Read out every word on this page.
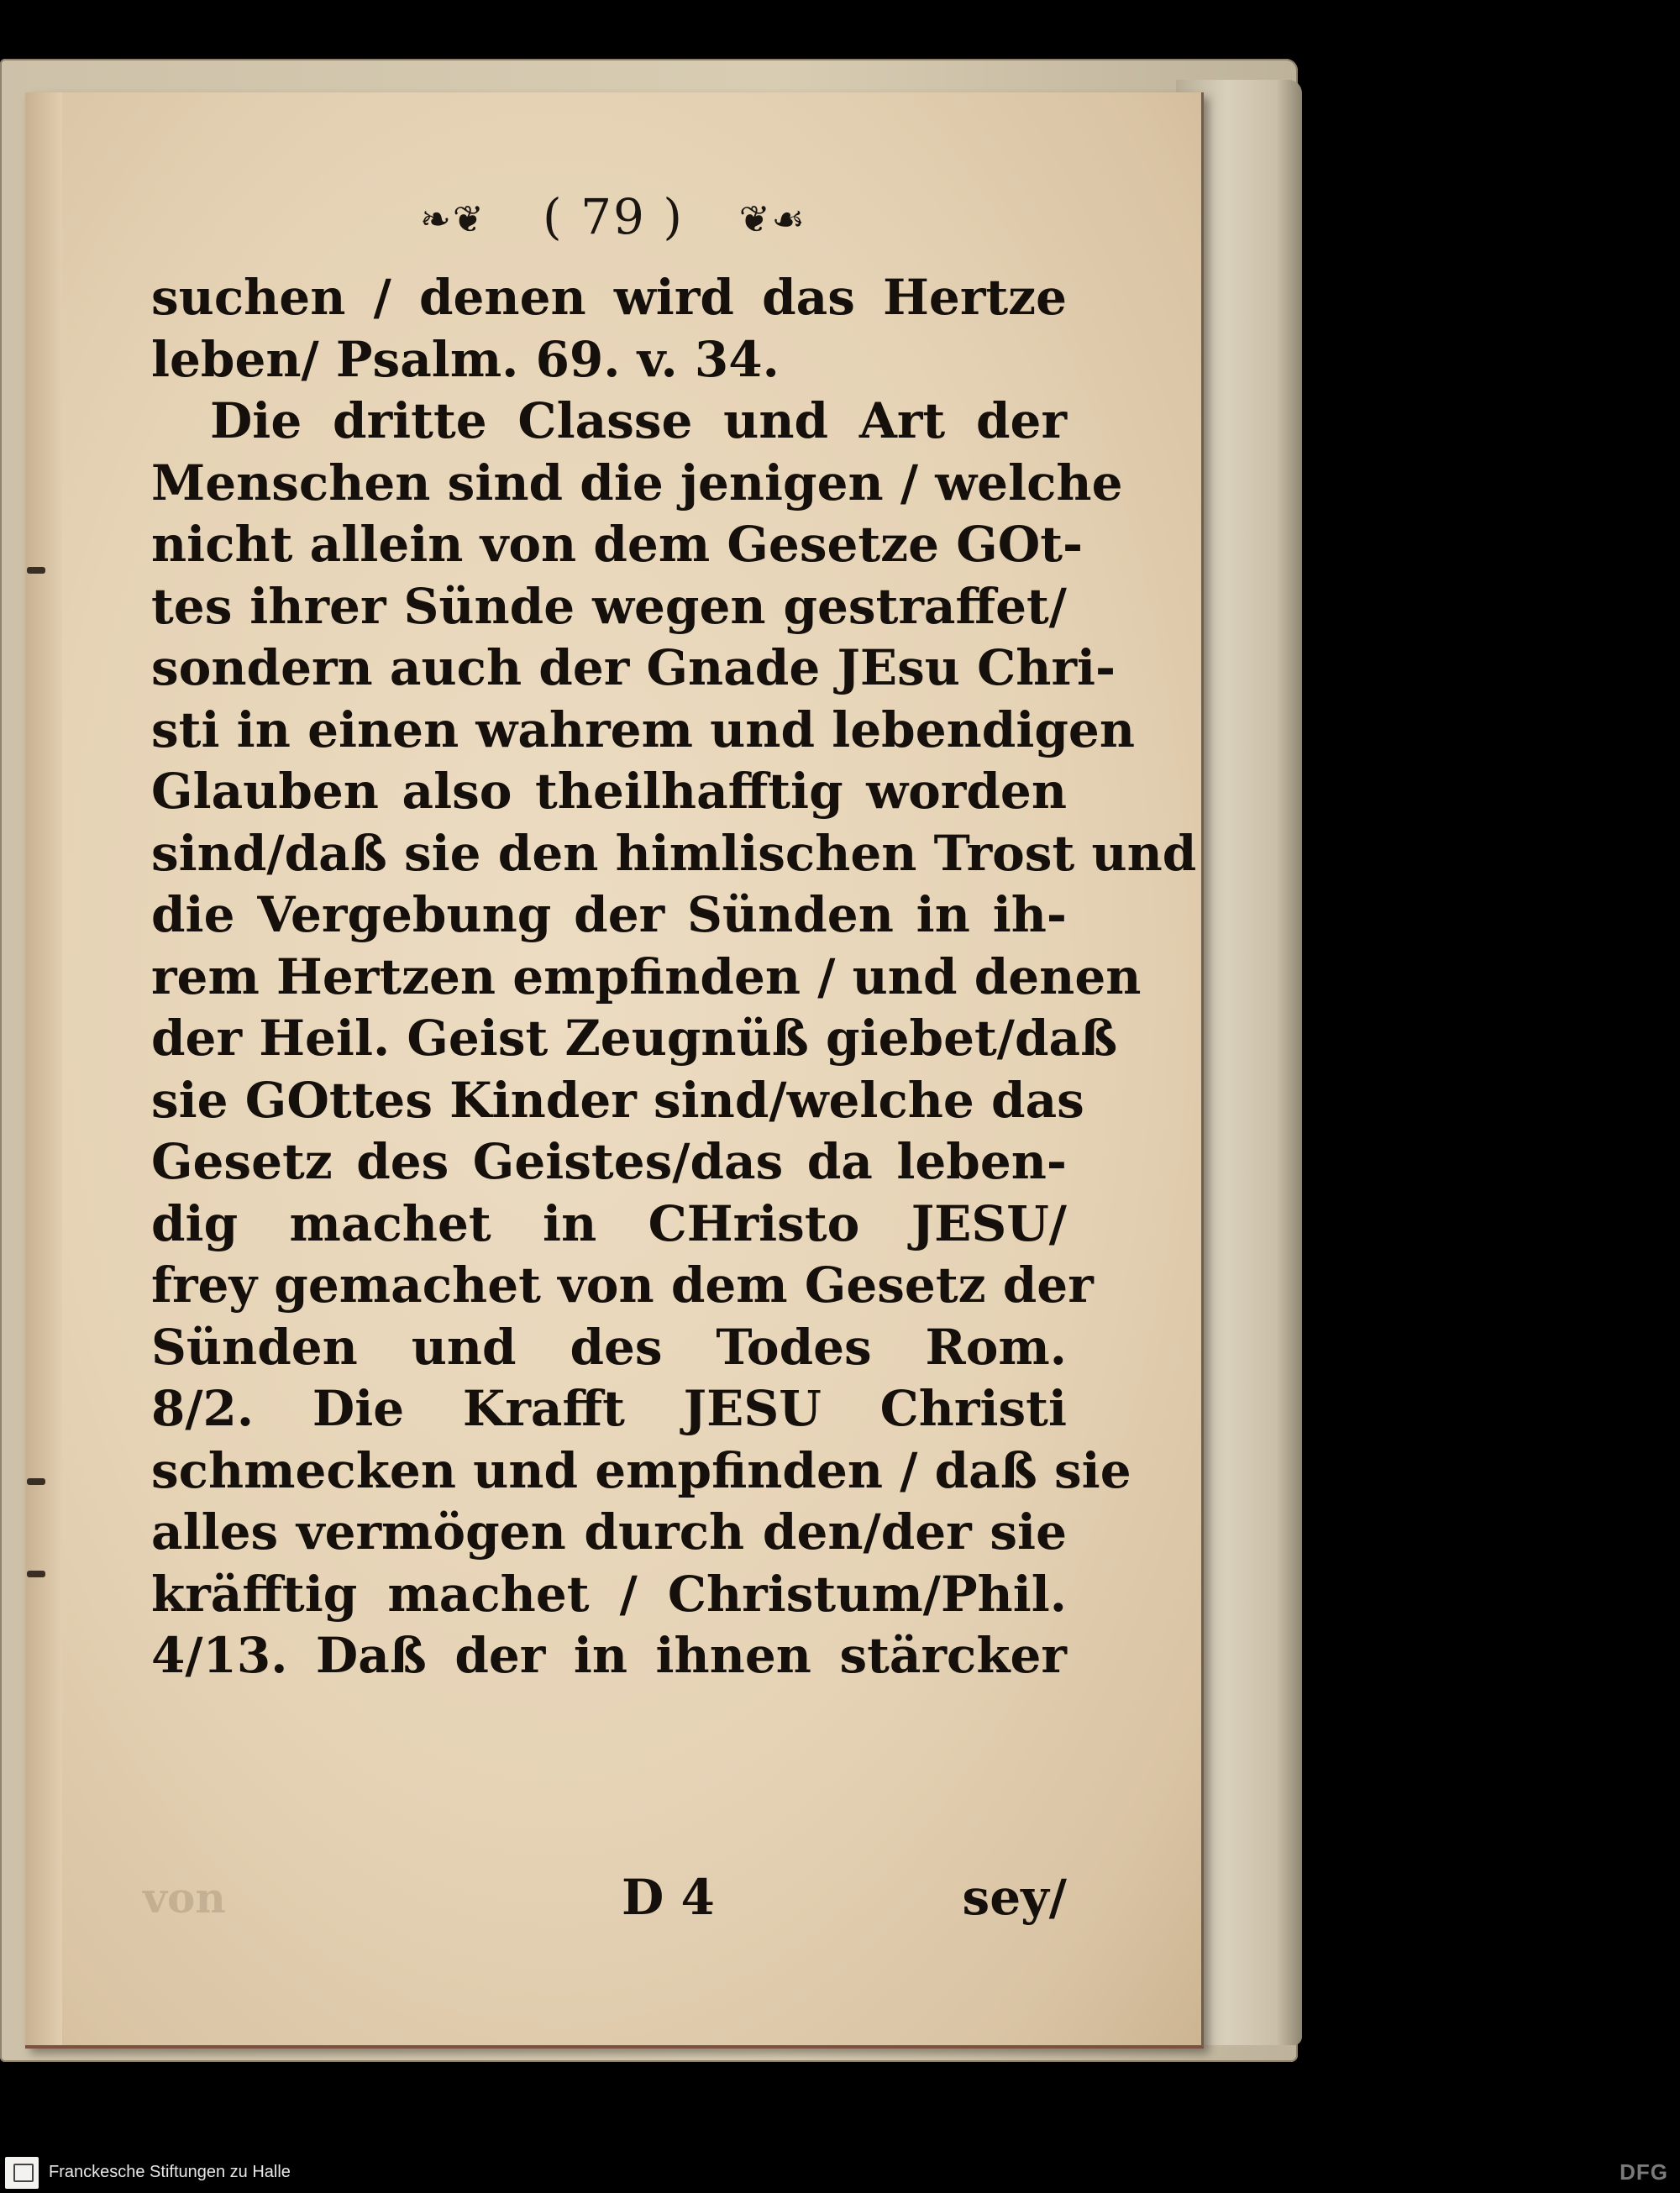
❧❦ ( 79 ) ❦☙
suchen / denen wird das Hertze
leben/ Psalm. 69. v. 34.
Die dritte Classe und Art der
Menschen sind die jenigen / welche
nicht allein von dem Gesetze GOt-
tes ihrer Sünde wegen gestraffet/
sondern auch der Gnade JEsu Chri-
sti in einen wahrem und lebendigen
Glauben also theilhafftig worden
sind/daß sie den himlischen Trost und
die Vergebung der Sünden in ih-
rem Hertzen empfinden / und denen
der Heil. Geist Zeugnüß giebet/daß
sie GOttes Kinder sind/welche das
Gesetz des Geistes/das da leben-
dig machet in CHristo JESU/
frey gemachet von dem Gesetz der
Sünden und des Todes Rom.
8/2. Die Krafft JESU Christi
schmecken und empfinden / daß sie
alles vermögen durch den/der sie
kräfftig machet / Christum/Phil.
4/13. Daß der in ihnen stärcker
von	D 4	sey/
Franckesche Stiftungen zu Halle	DFG
